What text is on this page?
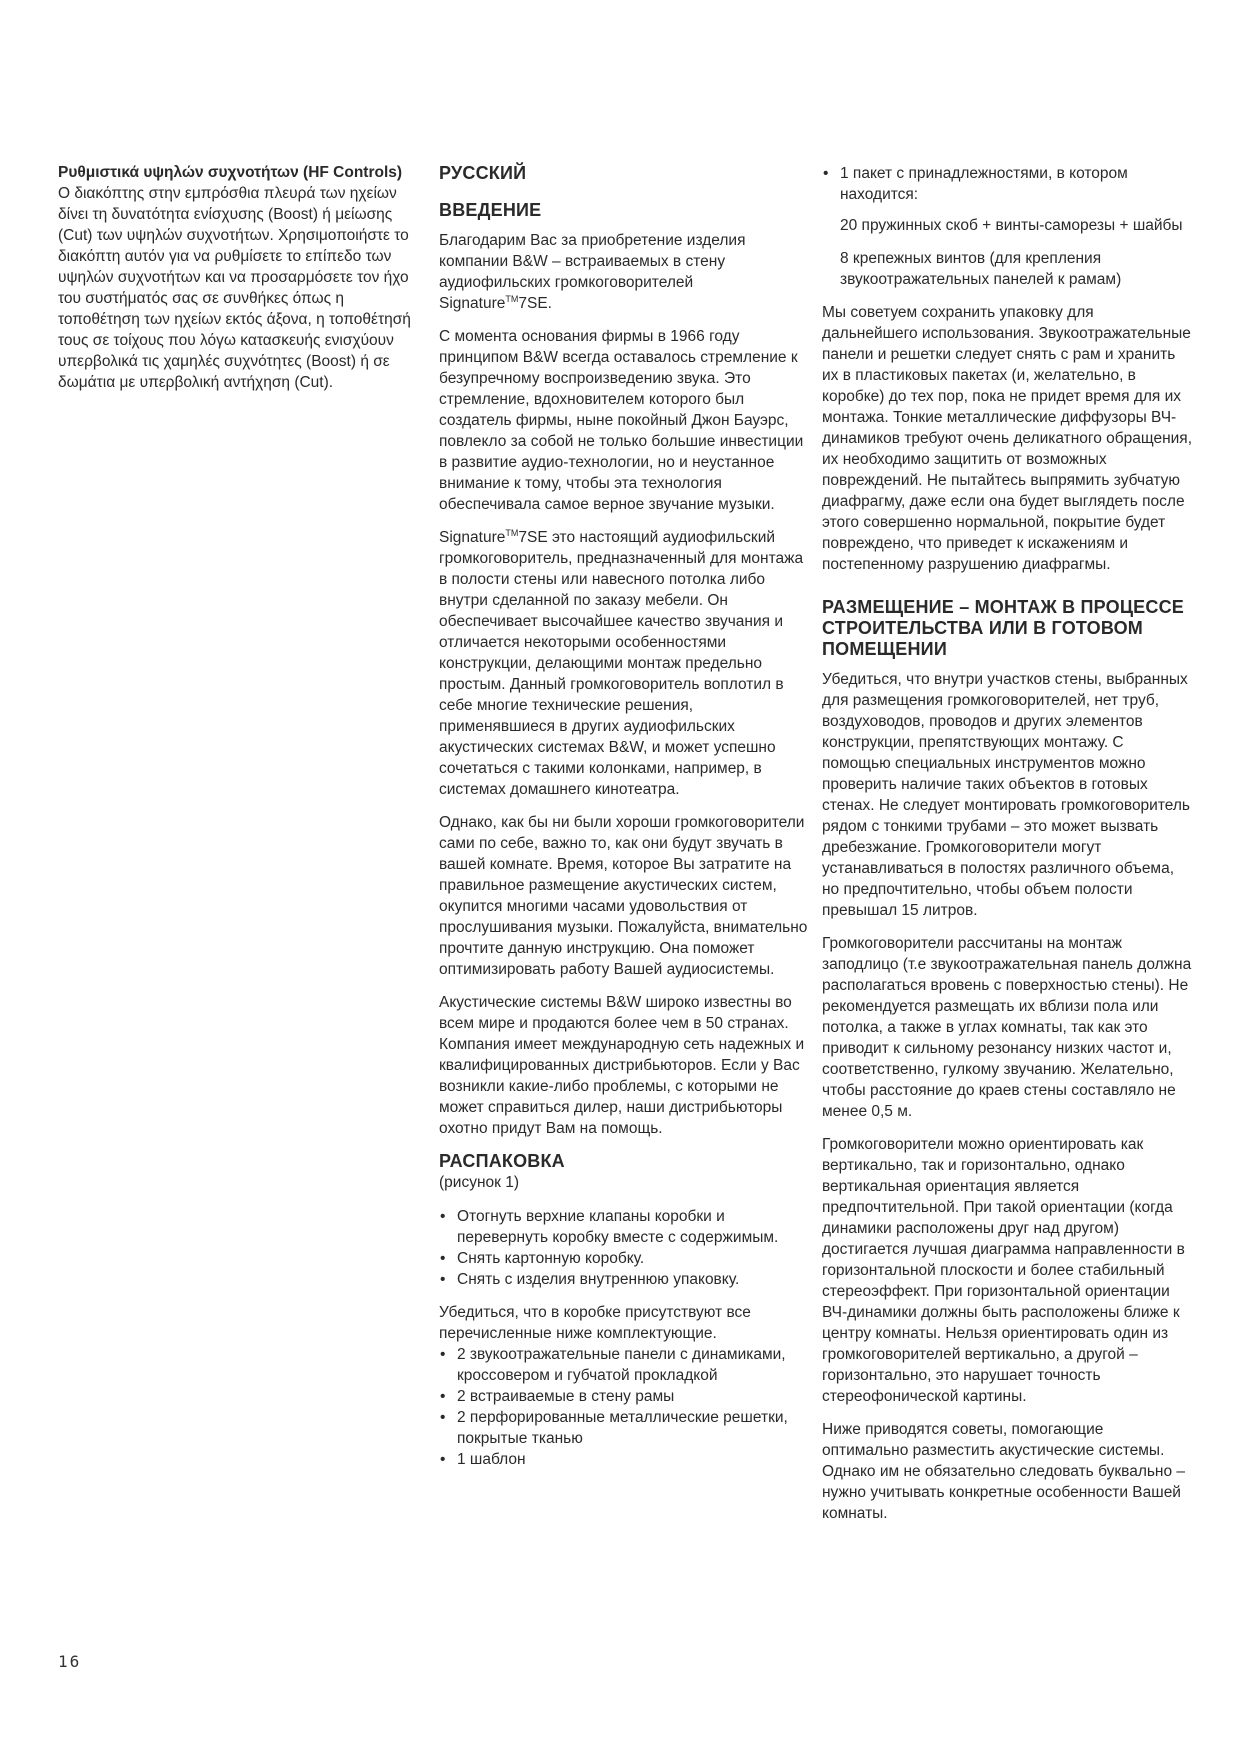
Ρυθμιστικά υψηλών συχνοτήτων (HF Controls)

Ο διακόπτης στην εμπρόσθια πλευρά των ηχείων δίνει τη δυνατότητα ενίσχυσης (Boost) ή μείωσης (Cut) των υψηλών συχνοτήτων. Χρησιμοποιήστε το διακόπτη αυτόν για να ρυθμίσετε το επίπεδο των υψηλών συχνοτήτων και να προσαρμόσετε τον ήχο του συστήματός σας σε συνθήκες όπως η τοποθέτηση των ηχείων εκτός άξονα, η τοποθέτησή τους σε τοίχους που λόγω κατασκευής ενισχύουν υπερβολικά τις χαμηλές συχνότητες (Boost) ή σε δωμάτια με υπερβολική αντήχηση (Cut).

РУССКИЙ
ВВЕДЕНИЕ

Благодарим Вас за приобретение изделия компании B&W – встраиваемых в стену аудиофильских громкоговорителей Signature™7SE.

С момента основания фирмы в 1966 году принципом B&W всегда оставалось стремление к безупречному воспроизведению звука. Это стремление, вдохновителем которого был создатель фирмы, ныне покойный Джон Бауэрс, повлекло за собой не только большие инвестиции в развитие аудио-технологии, но и неустанное внимание к тому, чтобы эта технология обеспечивала самое верное звучание музыки.

Signature™7SE это настоящий аудиофильский громкоговоритель, предназначенный для монтажа в полости стены или навесного потолка либо внутри сделанной по заказу мебели. Он обеспечивает высочайшее качество звучания и отличается некоторыми особенностями конструкции, делающими монтаж предельно простым. Данный громкоговоритель воплотил в себе многие технические решения, применявшиеся в других аудиофильских акустических системах B&W, и может успешно сочетаться с такими колонками, например, в системах домашнего кинотеатра.

Однако, как бы ни были хороши громкоговорители сами по себе, важно то, как они будут звучать в вашей комнате. Время, которое Вы затратите на правильное размещение акустических систем, окупится многими часами удовольствия от прослушивания музыки. Пожалуйста, внимательно прочтите данную инструкцию. Она поможет оптимизировать работу Вашей аудиосистемы.

Акустические системы B&W широко известны во всем мире и продаются более чем в 50 странах. Компания имеет международную сеть надежных и квалифицированных дистрибьюторов. Если у Вас возникли какие-либо проблемы, с которыми не может справиться дилер, наши дистрибьюторы охотно придут Вам на помощь.

РАСПАКОВКА

(рисунок 1)

• Отогнуть верхние клапаны коробки и перевернуть коробку вместе с содержимым.
• Снять картонную коробку.
• Снять с изделия внутреннюю упаковку.

Убедиться, что в коробке присутствуют все перечисленные ниже комплектующие.

• 2 звукоотражательные панели с динамиками, кроссовером и губчатой прокладкой
• 2 встраиваемые в стену рамы
• 2 перфорированные металлические решетки, покрытые тканью
• 1 шаблон
• 1 пакет с принадлежностями, в котором находится:

20 пружинных скоб + винты-саморезы + шайбы

8 крепежных винтов (для крепления звукоотражательных панелей к рамам)

Мы советуем сохранить упаковку для дальнейшего использования. Звукоотражательные панели и решетки следует снять с рам и хранить их в пластиковых пакетах (и, желательно, в коробке) до тех пор, пока не придет время для их монтажа. Тонкие металлические диффузоры ВЧ-динамиков требуют очень деликатного обращения, их необходимо защитить от возможных повреждений. Не пытайтесь выпрямить зубчатую диафрагму, даже если она будет выглядеть после этого совершенно нормальной, покрытие будет повреждено, что приведет к искажениям и постепенному разрушению диафрагмы.

РАЗМЕЩЕНИЕ – МОНТАЖ В ПРОЦЕССЕ СТРОИТЕЛЬСТВА ИЛИ В ГОТОВОМ ПОМЕЩЕНИИ

Убедиться, что внутри участков стены, выбранных для размещения громкоговорителей, нет труб, воздуховодов, проводов и других элементов конструкции, препятствующих монтажу. С помощью специальных инструментов можно проверить наличие таких объектов в готовых стенах. Не следует монтировать громкоговоритель рядом с тонкими трубами – это может вызвать дребезжание. Громкоговорители могут устанавливаться в полостях различного объема, но предпочтительно, чтобы объем полости превышал 15 литров.

Громкоговорители рассчитаны на монтаж заподлицо (т.е звукоотражательная панель должна располагаться вровень с поверхностью стены). Не рекомендуется размещать их вблизи пола или потолка, а также в углах комнаты, так как это приводит к сильному резонансу низких частот и, соответственно, гулкому звучанию. Желательно, чтобы расстояние до краев стены составляло не менее 0,5 м.

Громкоговорители можно ориентировать как вертикально, так и горизонтально, однако вертикальная ориентация является предпочтительной. При такой ориентации (когда динамики расположены друг над другом) достигается лучшая диаграмма направленности в горизонтальной плоскости и более стабильный стереоэффект. При горизонтальной ориентации ВЧ-динамики должны быть расположены ближе к центру комнаты. Нельзя ориентировать один из громкоговорителей вертикально, а другой – горизонтально, это нарушает точность стереофонической картины.

Ниже приводятся советы, помогающие оптимально разместить акустические системы. Однако им не обязательно следовать буквально – нужно учитывать конкретные особенности Вашей комнаты.

16
